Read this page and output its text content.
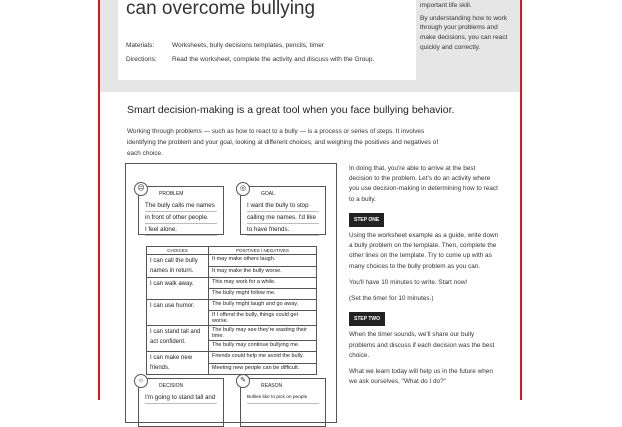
can overcome bullying
Materials:	Worksheets, bully decisions templates, pencils, timer
Directions: Read the worksheet, complete the activity and discuss with the Group.

important life skill.

By understanding how to work through your problems and make decisions, you can react quickly and correctly.

Smart decision-making is a great tool when you face bullying behavior.
Working through problems — such as how to react to a bully — is a process or series of steps. It involves identifying the problem and your goal, looking at different choices, and weighing the positives and negatives of each choice.
☹
PROBLEM
The bully calls me names
in front of other people.
I feel alone.
◎
GOAL
I want the bully to stop
calling me names. I'd like
to have friends.
CHOICES	POSITIVES / NEGATIVES
I can call the bully names in return.	It may make others laugh.
	It may make the bully worse.
I can walk away.	This may work for a while.
	The bully might follow me.
I can use humor.	The bully might laugh and go away.
	If I offend the bully, things could get worse.
I can stand tall and act confident.	The bully may see they're wasting their time.
	The bully may continue bullying me.
I can make new friends.	Friends could help me avoid the bully.
	Meeting new people can be difficult.
☼
DECISION
I'm going to stand tall and
✎
REASON
Bullies like to pick on people

In doing that, you're able to arrive at the best decision to the problem. Let's do an activity where you use decision-making in determining how to react to a bully.

STEP ONE

Using the worksheet example as a guide, write down a bully problem on the template. Then, complete the other lines on the template. Try to come up with as many choices to the bully problem as you can.

You'll have 10 minutes to write. Start now!

(Set the timer for 10 minutes.)

STEP TWO

When the timer sounds, we'll share our bully problems and discuss if each decision was the best choice.

What we learn today will help us in the future when we ask ourselves, "What do I do?"
